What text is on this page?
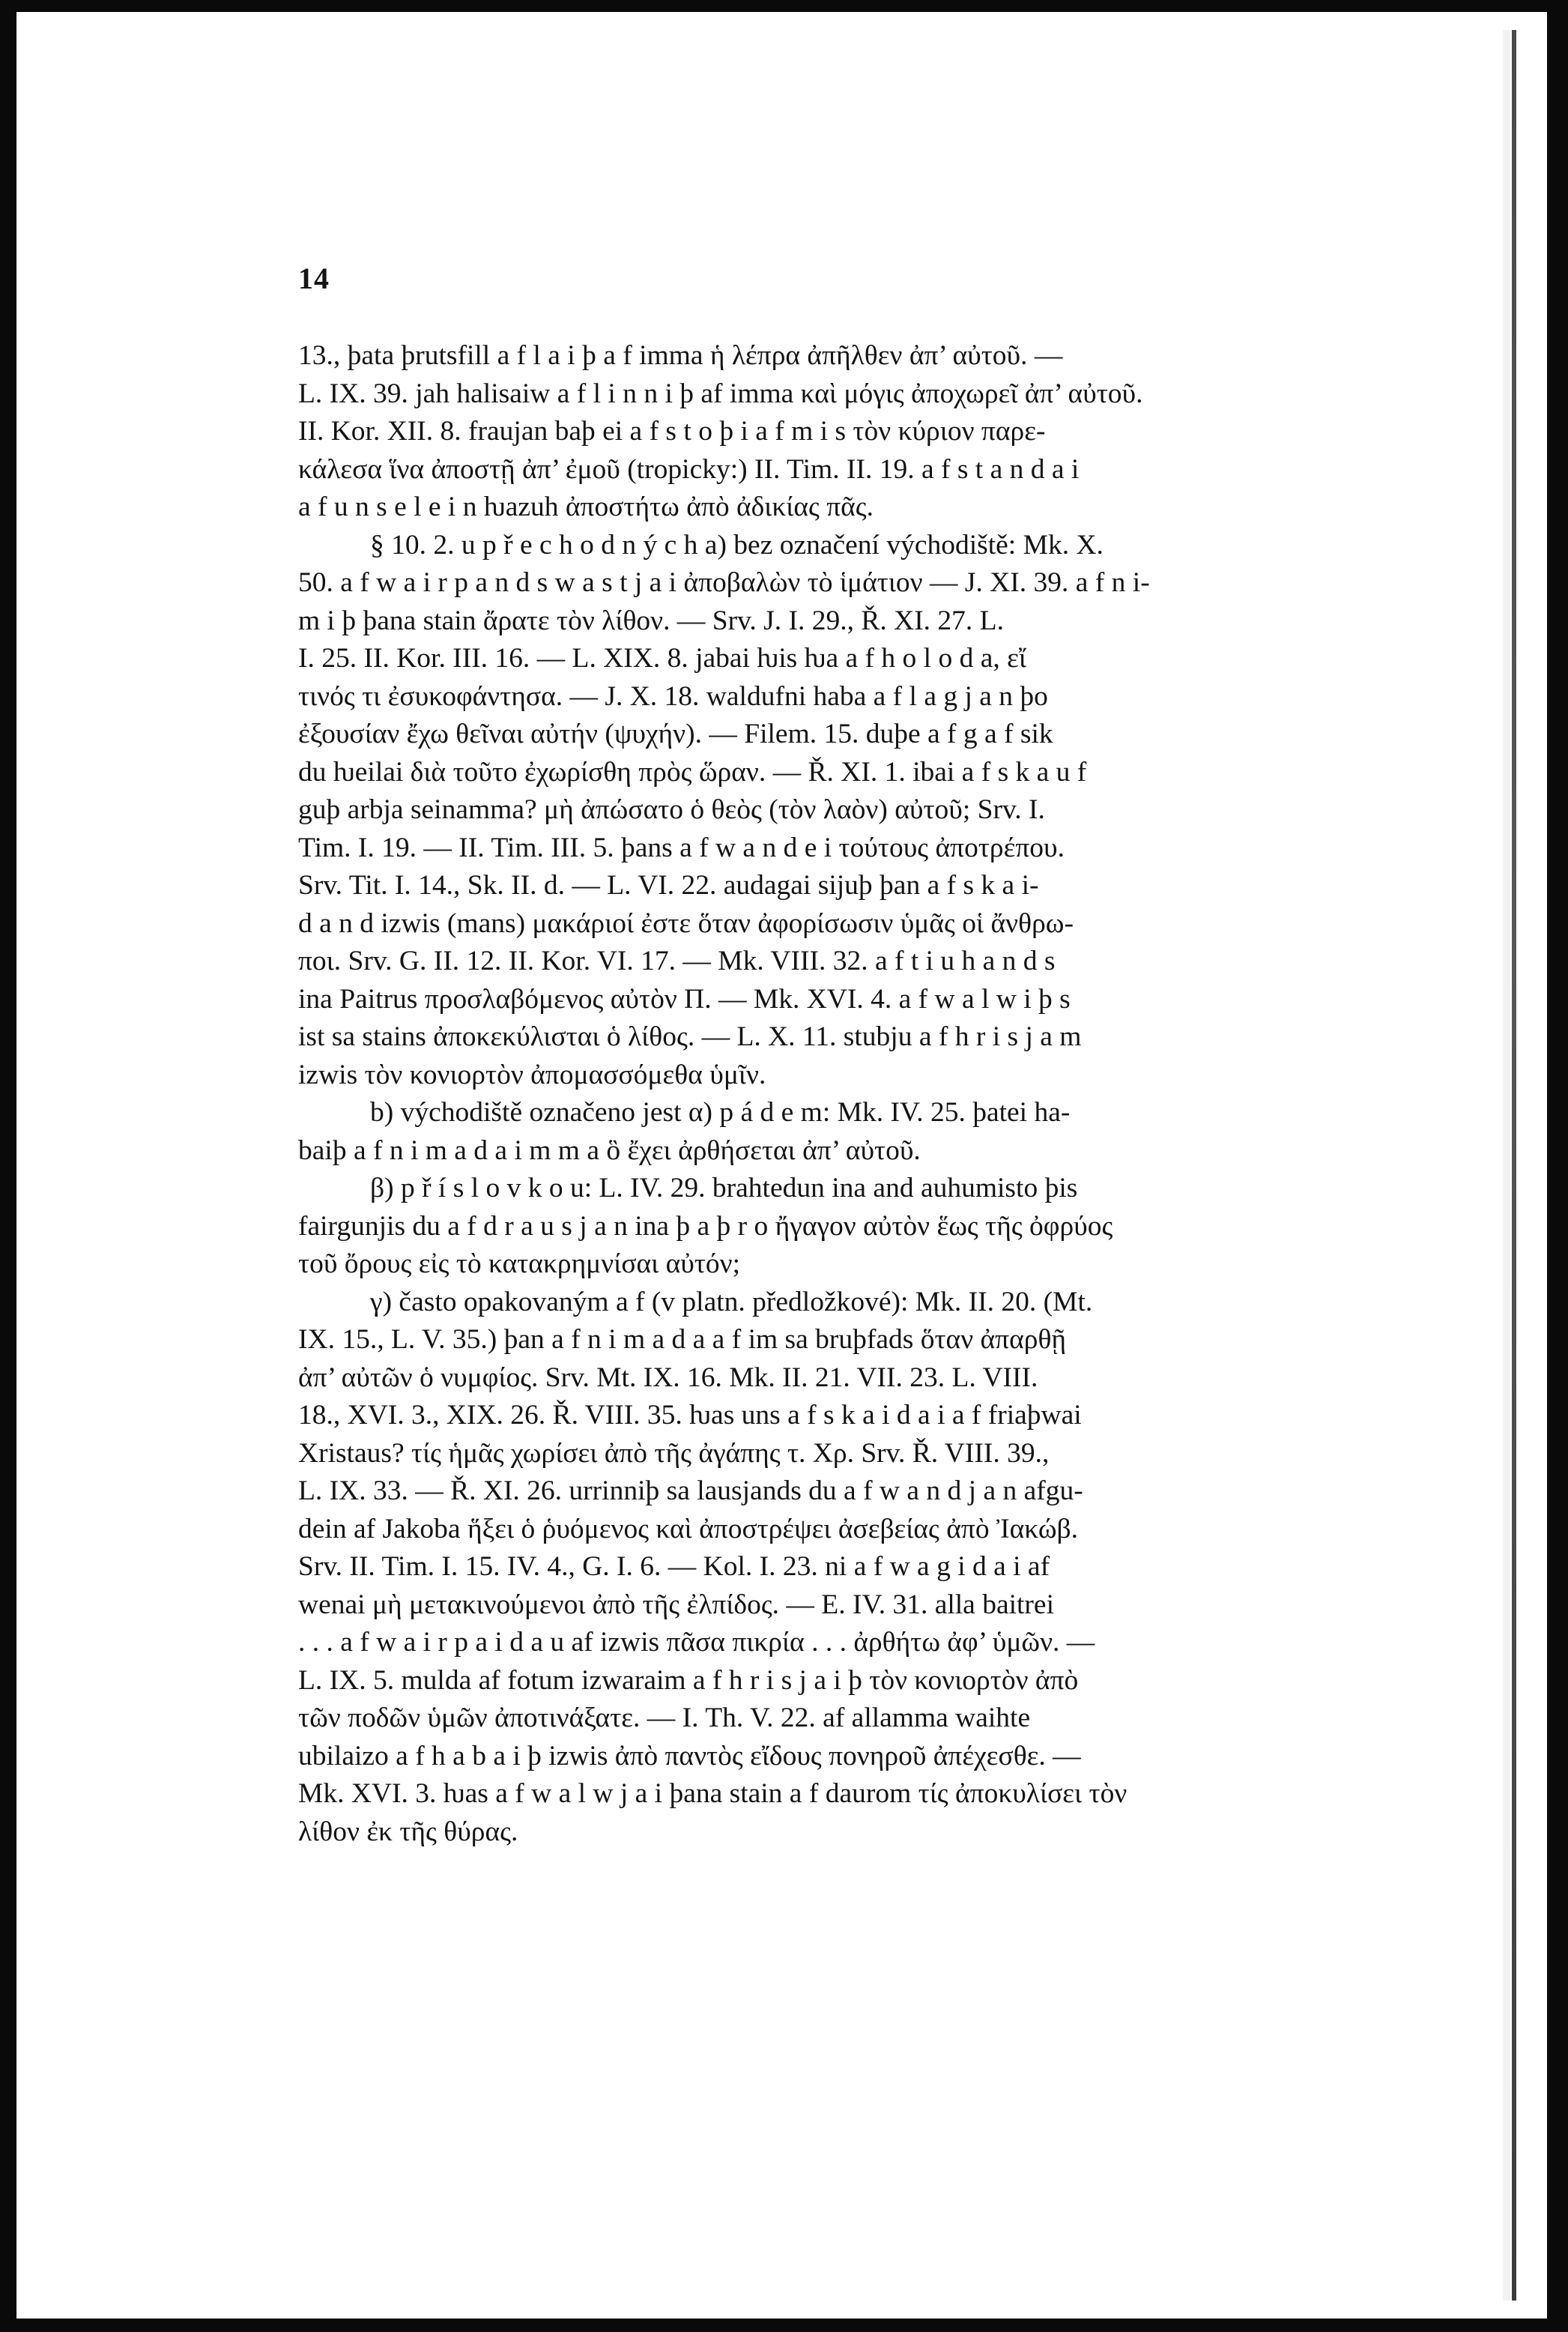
14
13., þata þrutsfill a f l a i þ a f imma ἡ λέπρα ἀπῆλθεν ἀπ’ αὐτοῦ. —
L. IX. 39. jah halisaiw a f l i n n i þ af imma καὶ μόγις ἀποχωρεῖ ἀπ’ αὐτοῦ.
II. Kor. XII. 8. fraujan baþ ei a f s t o þ i a f m i s τὸν κύριον παρε-
κάλεσα ἵνα ἀποστῇ ἀπ’ ἐμοῦ (tropicky:) II. Tim. II. 19. a f s t a n d a i
a f u n s e l e i n ƕazuh ἀποστήτω ἀπὸ ἀδικίας πᾶς.
§ 10. 2. u p ř e c h o d n ý c h a) bez označení východiště: Mk. X.
50. a f w a i r p a n d s w a s t j a i ἀποβαλὼν τὸ ἱμάτιον — J. XI. 39. a f n i-
m i þ þana stain ἄρατε τὸν λίθον. — Srv. J. I. 29., Ř. XI. 27. L.
I. 25. II. Kor. III. 16. — L. XIX. 8. jabai ƕis ƕa a f h o l o d a, εἴ
τινός τι ἐσυκοφάντησα. — J. X. 18. waldufni haba a f l a g j a n þo
ἐξουσίαν ἔχω θεῖναι αὐτήν (ψυχήν). — Filem. 15. duþe a f g a f sik
du ƕeilai διὰ τοῦτο ἐχωρίσθη πρὸς ὥραν. — Ř. XI. 1. ibai a f s k a u f
guþ arbja seinamma? μὴ ἀπώσατο ὁ θεὸς (τὸν λαὸν) αὐτοῦ; Srv. I.
Tim. I. 19. — II. Tim. III. 5. þans a f w a n d e i τούτους ἀποτρέπου.
Srv. Tit. I. 14., Sk. II. d. — L. VI. 22. audagai sijuþ þan a f s k a i-
d a n d izwis (mans) μακάριοί ἐστε ὅταν ἀφορίσωσιν ὑμᾶς οἱ ἄνθρω-
ποι. Srv. G. II. 12. II. Kor. VI. 17. — Mk. VIII. 32. a f t i u h a n d s
ina Paitrus προσλαβόμενος αὐτὸν Π. — Mk. XVI. 4. a f w a l w i þ s
ist sa stains ἀποκεκύλισται ὁ λίθος. — L. X. 11. stubju a f h r i s j a m
izwis τὸν κονιορτὸν ἀπομασσόμεθα ὑμῖν.
b) východiště označeno jest α) p á d e m: Mk. IV. 25. þatei ha-
baiþ a f n i m a d a i m m a ὃ ἔχει ἀρθήσεται ἀπ’ αὐτοῦ.
β) p ř í s l o v k o u: L. IV. 29. brahtedun ina and auhumisto þis
fairgunjis du a f d r a u s j a n ina þ a þ r o ἤγαγον αὐτὸν ἕως τῆς ὀφρύος
τοῦ ὄρους εἰς τὸ κατακρημνίσαι αὐτόν;
γ) často opakovaným a f (v platn. předložkové): Mk. II. 20. (Mt.
IX. 15., L. V. 35.) þan a f n i m a d a a f im sa bruþfads ὅταν ἀπαρθῇ
ἀπ’ αὐτῶν ὁ νυμφίος. Srv. Mt. IX. 16. Mk. II. 21. VII. 23. L. VIII.
18., XVI. 3., XIX. 26. Ř. VIII. 35. ƕas uns a f s k a i d a i a f friaþwai
Xristaus? τίς ἡμᾶς χωρίσει ἀπὸ τῆς ἀγάπης τ. Χρ. Srv. Ř. VIII. 39.,
L. IX. 33. — Ř. XI. 26. urrinniþ sa lausjands du a f w a n d j a n afgu-
dein af Jakoba ἥξει ὁ ῥυόμενος καὶ ἀποστρέψει ἀσεβείας ἀπὸ Ἰακώβ.
Srv. II. Tim. I. 15. IV. 4., G. I. 6. — Kol. I. 23. ni a f w a g i d a i af
wenai μὴ μετακινούμενοι ἀπὸ τῆς ἐλπίδος. — E. IV. 31. alla baitrei
. . . a f w a i r p a i d a u af izwis πᾶσα πικρία . . . ἀρθήτω ἀφ’ ὑμῶν. —
L. IX. 5. mulda af fotum izwaraim a f h r i s j a i þ τὸν κονιορτὸν ἀπὸ
τῶν ποδῶν ὑμῶν ἀποτινάξατε. — I. Th. V. 22. af allamma waihte
ubilaizo a f h a b a i þ izwis ἀπὸ παντὸς εἴδους πονηροῦ ἀπέχεσθε. —
Mk. XVI. 3. ƕas a f w a l w j a i þana stain a f daurom τίς ἀποκυλίσει τὸν
λίθον ἐκ τῆς θύρας.
